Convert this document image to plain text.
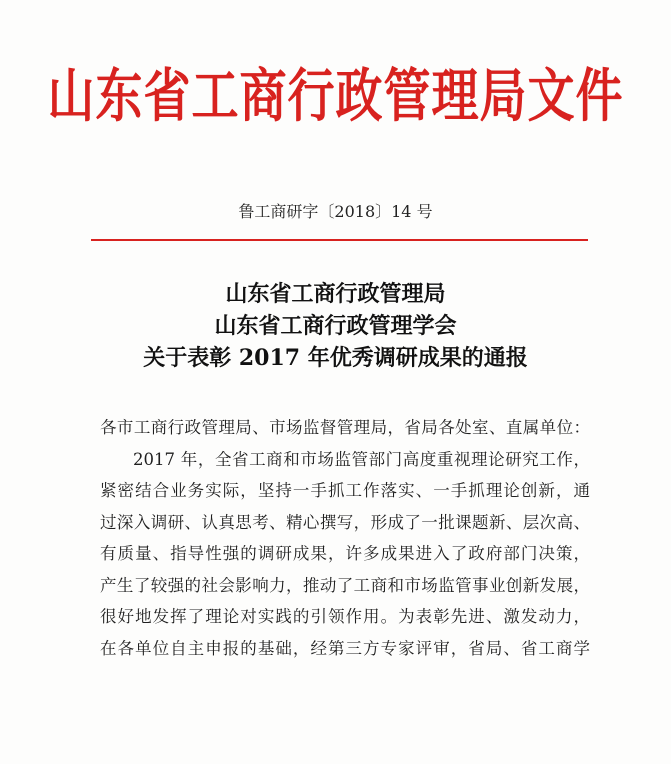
山东省工商行政管理局文件
鲁工商研字〔2018〕14 号
山东省工商行政管理局
山东省工商行政管理学会
关于表彰 2017 年优秀调研成果的通报
各市工商行政管理局、市场监督管理局，省局各处室、直属单位：
2017 年，全省工商和市场监管部门高度重视理论研究工作，
紧密结合业务实际，坚持一手抓工作落实、一手抓理论创新，通
过深入调研、认真思考、精心撰写，形成了一批课题新、层次高、
有质量、指导性强的调研成果，许多成果进入了政府部门决策，
产生了较强的社会影响力，推动了工商和市场监管事业创新发展，
很好地发挥了理论对实践的引领作用。为表彰先进、激发动力，
在各单位自主申报的基础，经第三方专家评审，省局、省工商学
